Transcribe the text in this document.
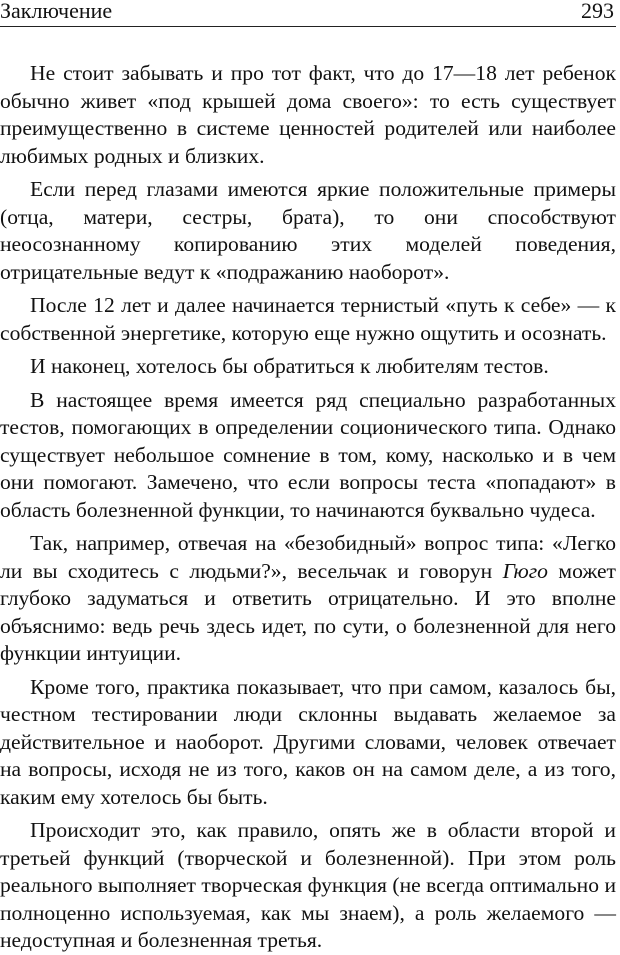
Заключение	293

Не стоит забывать и про тот факт, что до 17—18 лет ребенок обычно живет «под крышей дома своего»: то есть существует преимущественно в системе ценностей родителей или наиболее любимых родных и близких.

Если перед глазами имеются яркие положительные примеры (отца, матери, сестры, брата), то они способствуют неосознанному копированию этих моделей поведения, отрицательные ведут к «подражанию наоборот».

После 12 лет и далее начинается тернистый «путь к себе» — к собственной энергетике, которую еще нужно ощутить и осознать.

И наконец, хотелось бы обратиться к любителям тестов.

В настоящее время имеется ряд специально разработанных тестов, помогающих в определении соционического типа. Однако существует небольшое сомнение в том, кому, насколько и в чем они помогают. Замечено, что если вопросы теста «попадают» в область болезненной функции, то начинаются буквально чудеса.

Так, например, отвечая на «безобидный» вопрос типа: «Легко ли вы сходитесь с людьми?», весельчак и говорун Гюго может глубоко задуматься и ответить отрицательно. И это вполне объяснимо: ведь речь здесь идет, по сути, о болезненной для него функции интуиции.

Кроме того, практика показывает, что при самом, казалось бы, честном тестировании люди склонны выдавать желаемое за действительное и наоборот. Другими словами, человек отвечает на вопросы, исходя не из того, каков он на самом деле, а из того, каким ему хотелось бы быть.

Происходит это, как правило, опять же в области второй и третьей функций (творческой и болезненной). При этом роль реального выполняет творческая функция (не всегда оптимально и полноценно используемая, как мы знаем), а роль желаемого — недоступная и болезненная третья.
